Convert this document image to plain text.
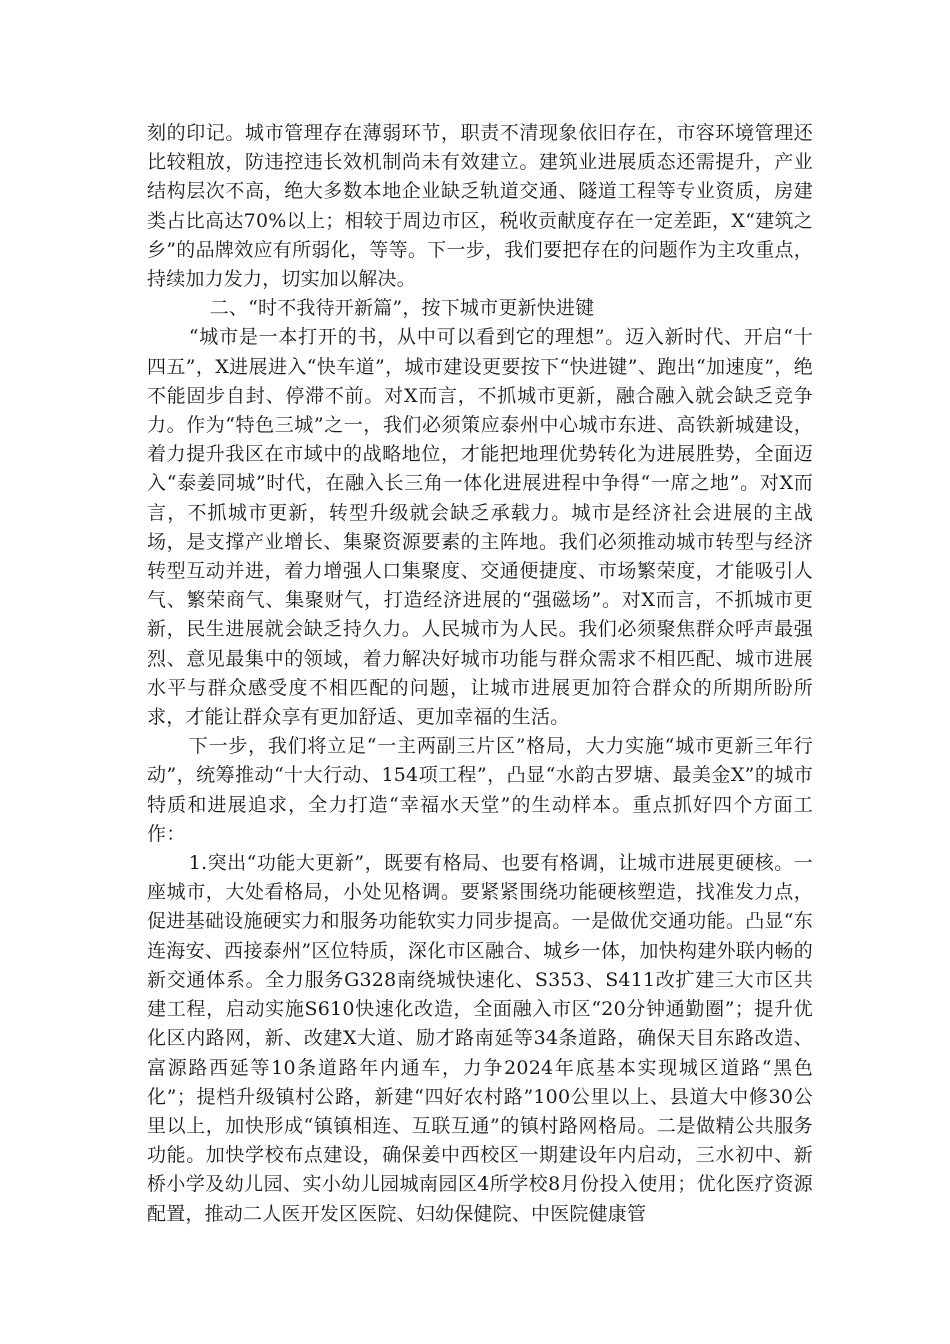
刻的印记。城市管理存在薄弱环节，职责不清现象依旧存在，市容环境管理还比较粗放，防违控违长效机制尚未有效建立。建筑业进展质态还需提升，产业结构层次不高，绝大多数本地企业缺乏轨道交通、隧道工程等专业资质，房建类占比高达70%以上；相较于周边市区，税收贡献度存在一定差距，X“建筑之乡”的品牌效应有所弱化，等等。下一步，我们要把存在的问题作为主攻重点，持续加力发力，切实加以解决。

二、“时不我待开新篇”，按下城市更新快进键

“城市是一本打开的书，从中可以看到它的理想”。迈入新时代、开启“十四五”，X进展进入“快车道”，城市建设更要按下“快进键”、跑出“加速度”，绝不能固步自封、停滞不前。对X而言，不抓城市更新，融合融入就会缺乏竞争力。作为“特色三城”之一，我们必须策应泰州中心城市东进、高铁新城建设，着力提升我区在市域中的战略地位，才能把地理优势转化为进展胜势，全面迈入“泰姜同城”时代，在融入长三角一体化进展进程中争得“一席之地”。对X而言，不抓城市更新，转型升级就会缺乏承载力。城市是经济社会进展的主战场，是支撑产业增长、集聚资源要素的主阵地。我们必须推动城市转型与经济转型互动并进，着力增强人口集聚度、交通便捷度、市场繁荣度，才能吸引人气、繁荣商气、集聚财气，打造经济进展的“强磁场”。对X而言，不抓城市更新，民生进展就会缺乏持久力。人民城市为人民。我们必须聚焦群众呼声最强烈、意见最集中的领域，着力解决好城市功能与群众需求不相匹配、城市进展水平与群众感受度不相匹配的问题，让城市进展更加符合群众的所期所盼所求，才能让群众享有更加舒适、更加幸福的生活。

下一步，我们将立足“一主两副三片区”格局，大力实施“城市更新三年行动”，统筹推动“十大行动、154项工程”，凸显“水韵古罗塘、最美金X”的城市特质和进展追求，全力打造“幸福水天堂”的生动样本。重点抓好四个方面工作：

1.突出“功能大更新”，既要有格局、也要有格调，让城市进展更硬核。一座城市，大处看格局，小处见格调。要紧紧围绕功能硬核塑造，找准发力点，促进基础设施硬实力和服务功能软实力同步提高。一是做优交通功能。凸显“东连海安、西接泰州”区位特质，深化市区融合、城乡一体，加快构建外联内畅的新交通体系。全力服务G328南绕城快速化、S353、S411改扩建三大市区共建工程，启动实施S610快速化改造，全面融入市区“20分钟通勤圈”；提升优化区内路网，新、改建X大道、励才路南延等34条道路，确保天目东路改造、富源路西延等10条道路年内通车，力争2024年底基本实现城区道路“黑色化”；提档升级镇村公路，新建“四好农村路”100公里以上、县道大中修30公里以上，加快形成“镇镇相连、互联互通”的镇村路网格局。二是做精公共服务功能。加快学校布点建设，确保姜中西校区一期建设年内启动，三水初中、新桥小学及幼儿园、实小幼儿园城南园区4所学校8月份投入使用；优化医疗资源配置，推动二人医开发区医院、妇幼保健院、中医院健康管
